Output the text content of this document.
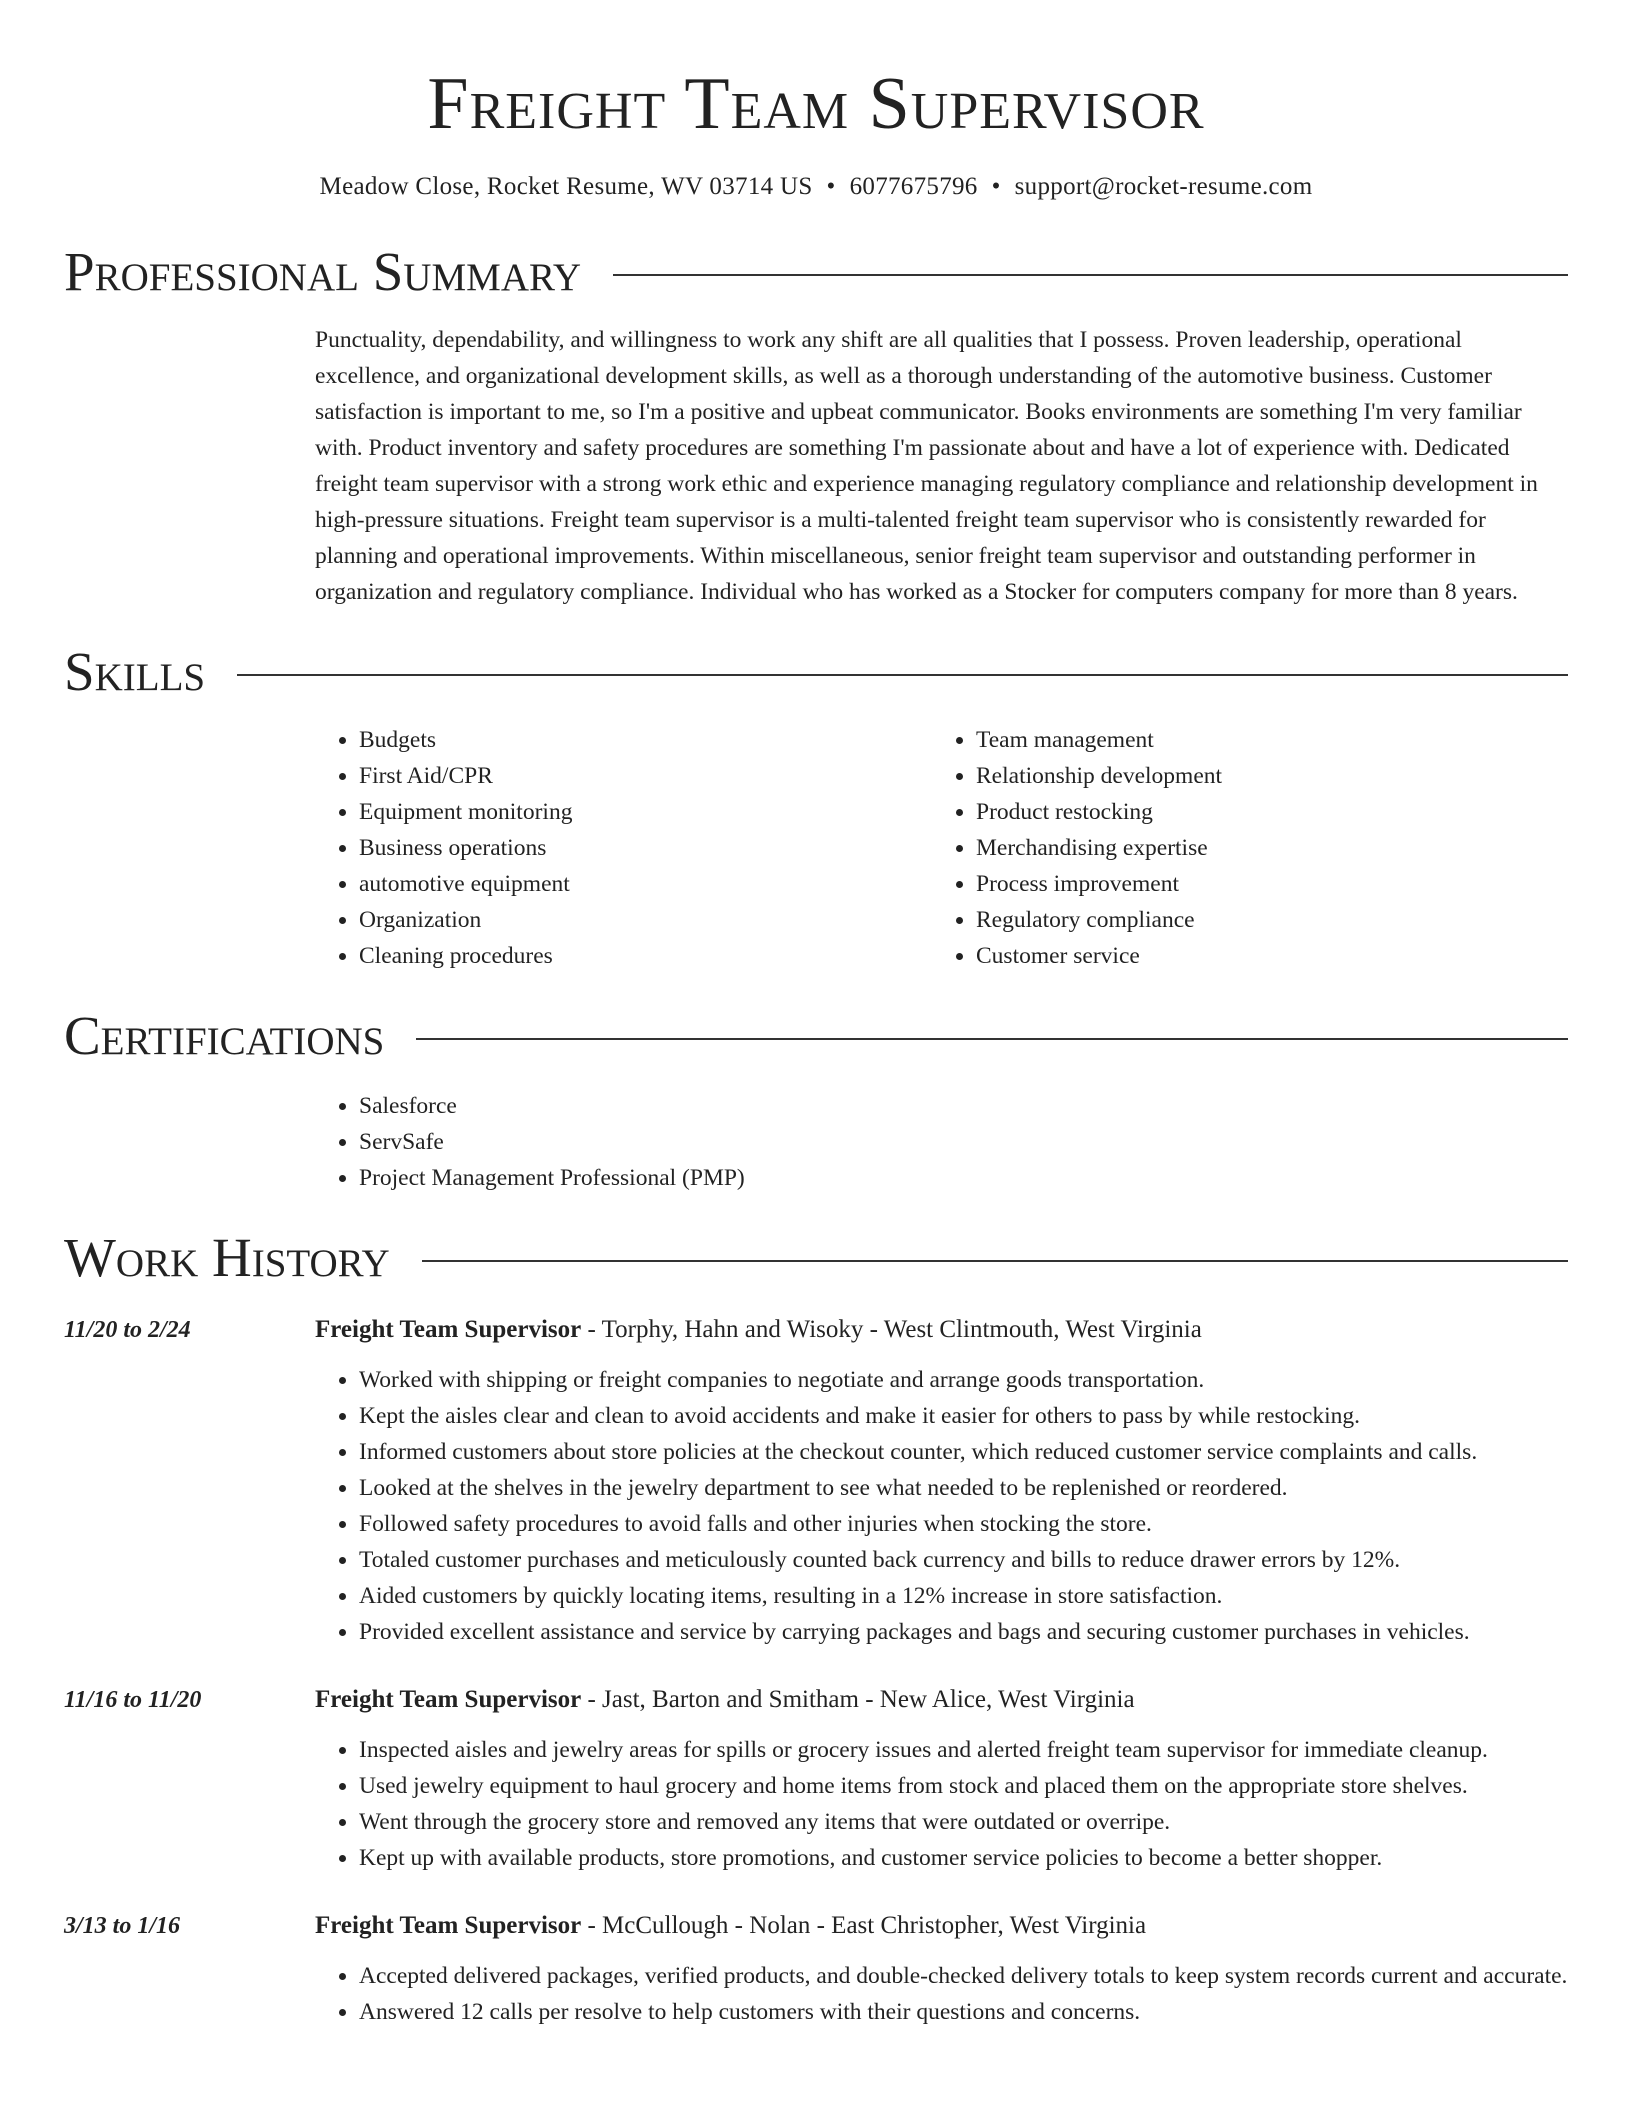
Freight Team Supervisor
Meadow Close, Rocket Resume, WV 03714 US • 6077675796 • support@rocket-resume.com
Professional Summary
Punctuality, dependability, and willingness to work any shift are all qualities that I possess. Proven leadership, operational excellence, and organizational development skills, as well as a thorough understanding of the automotive business. Customer satisfaction is important to me, so I'm a positive and upbeat communicator. Books environments are something I'm very familiar with. Product inventory and safety procedures are something I'm passionate about and have a lot of experience with. Dedicated freight team supervisor with a strong work ethic and experience managing regulatory compliance and relationship development in high-pressure situations. Freight team supervisor is a multi-talented freight team supervisor who is consistently rewarded for planning and operational improvements. Within miscellaneous, senior freight team supervisor and outstanding performer in organization and regulatory compliance. Individual who has worked as a Stocker for computers company for more than 8 years.
Skills
• Budgets
• First Aid/CPR
• Equipment monitoring
• Business operations
• automotive equipment
• Organization
• Cleaning procedures
• Team management
• Relationship development
• Product restocking
• Merchandising expertise
• Process improvement
• Regulatory compliance
• Customer service
Certifications
• Salesforce
• ServSafe
• Project Management Professional (PMP)
Work History
11/20 to 2/24	Freight Team Supervisor - Torphy, Hahn and Wisoky - West Clintmouth, West Virginia
• Worked with shipping or freight companies to negotiate and arrange goods transportation.
• Kept the aisles clear and clean to avoid accidents and make it easier for others to pass by while restocking.
• Informed customers about store policies at the checkout counter, which reduced customer service complaints and calls.
• Looked at the shelves in the jewelry department to see what needed to be replenished or reordered.
• Followed safety procedures to avoid falls and other injuries when stocking the store.
• Totaled customer purchases and meticulously counted back currency and bills to reduce drawer errors by 12%.
• Aided customers by quickly locating items, resulting in a 12% increase in store satisfaction.
• Provided excellent assistance and service by carrying packages and bags and securing customer purchases in vehicles.
11/16 to 11/20	Freight Team Supervisor - Jast, Barton and Smitham - New Alice, West Virginia
• Inspected aisles and jewelry areas for spills or grocery issues and alerted freight team supervisor for immediate cleanup.
• Used jewelry equipment to haul grocery and home items from stock and placed them on the appropriate store shelves.
• Went through the grocery store and removed any items that were outdated or overripe.
• Kept up with available products, store promotions, and customer service policies to become a better shopper.
3/13 to 1/16	Freight Team Supervisor - McCullough - Nolan - East Christopher, West Virginia
• Accepted delivered packages, verified products, and double-checked delivery totals to keep system records current and accurate.
• Answered 12 calls per resolve to help customers with their questions and concerns.
